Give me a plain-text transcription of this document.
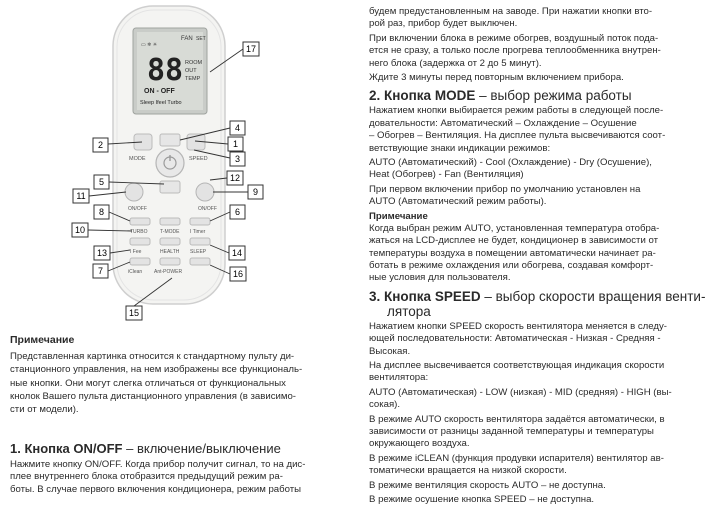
FAN SET
▭ ❄ ☀
88 ROOM
OUT
TEMP
ON - OFF
Sleep Ifeel Turbo
MODE	SPEED
ON/OFF	ON/OFF
TURBO	T-MODE I Timer
I Fee	HEALTH SLEEP
iClean Ant-POWER
17
2	1
4
3
5	12
9
11
8	6
10
13	14
7	16
15
Примечание
Представленная картинка относится к стандартному пульту ди-
станционного управления, на нем изображены все функциональ-
ные кнопки. Они могут слегка отличаться от функциональных
кнолок Вашего пульта дистанционного управления (в зависимо-
сти от модели).

1. Кнопка ON/OFF – включение/выключение

Нажмите кнопку ON/OFF. Когда прибор получит сигнал, то на дис-
плее внутреннего блока отобразится предыдущий режим ра-
боты. В случае первого включения кондиционера, режим работы

будем предустановленным на заводе. При нажатии кнопки вто-
рой раз, прибор будет выключен.

При включении блока в режиме обогрев, воздушный поток пода-
ется не сразу, а только после прогрева теплообменника внутрен-
него блока (задержка от 2 до 5 минут).

Ждите 3 минуты перед повторным включением прибора.

2. Кнопка MODE – выбор режима работы

Нажатием кнопки выбирается режим работы в следующей после-
довательности: Автоматический – Охлаждение – Осушение
– Обогрев – Вентиляция. На дисплее пульта высвечиваются соот-
ветствующие знаки индикации режимов:

AUTO (Автоматический) - Cool (Охлаждение) - Dry (Осушение),
Heat (Обогрев) - Fan (Вентиляция)

При первом включении прибор по умолчанию установлен на
AUTO (Автоматический режим работы).

Примечание

Когда выбран режим AUTO, установленная температура отобра-
жаться на LCD-дисплее не будет, кондиционер в зависимости от
температуры воздуха в помещении автоматически начинает ра-
ботать в режиме охлаждения или обогрева, создавая комфорт-
ные условия для пользователя.

3. Кнопка SPEED – выбор скорости вращения венти-
лятора

Нажатием кнопки SPEED скорость вентилятора меняется в следу-
ющей последовательности: Автоматическая - Низкая - Средняя -
Высокая.

На дисплее высвечивается соответствующая индикация скорости
вентилятора:

AUTO (Автоматическая) - LOW (низкая) - MID (средняя) - HIGH (вы-
сокая).

В режиме AUTO скорость вентилятора задаётся автоматически, в
зависимости от разницы заданной температуры и температуры
окружающего воздуха.

В режиме iCLEAN (функция продувки испарителя) вентилятор ав-
томатически вращается на низкой скорости.

В режиме вентиляция скорость AUTO – не доступна.

В режиме осушение кнопка SPEED – не доступна.
